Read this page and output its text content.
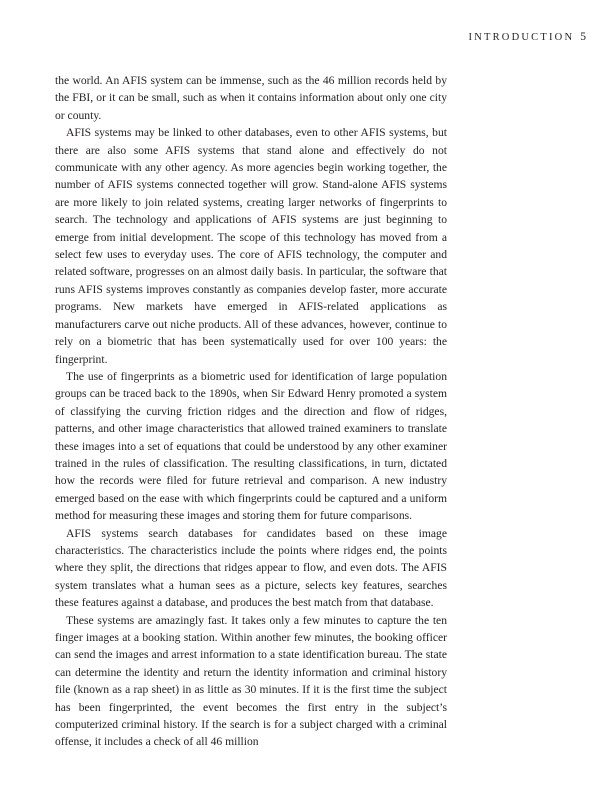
INTRODUCTION 5

the world. An AFIS system can be immense, such as the 46 million records held by the FBI, or it can be small, such as when it contains information about only one city or county.

AFIS systems may be linked to other databases, even to other AFIS systems, but there are also some AFIS systems that stand alone and effectively do not communicate with any other agency. As more agencies begin working together, the number of AFIS systems connected together will grow. Stand-alone AFIS systems are more likely to join related systems, creating larger networks of fingerprints to search. The technology and applications of AFIS systems are just beginning to emerge from initial development. The scope of this technology has moved from a select few uses to everyday uses. The core of AFIS technology, the computer and related software, progresses on an almost daily basis. In particular, the software that runs AFIS systems improves constantly as companies develop faster, more accurate programs. New markets have emerged in AFIS-related applications as manufacturers carve out niche products. All of these advances, however, continue to rely on a biometric that has been systematically used for over 100 years: the fingerprint.

The use of fingerprints as a biometric used for identification of large population groups can be traced back to the 1890s, when Sir Edward Henry promoted a system of classifying the curving friction ridges and the direction and flow of ridges, patterns, and other image characteristics that allowed trained examiners to translate these images into a set of equations that could be understood by any other examiner trained in the rules of classification. The resulting classifications, in turn, dictated how the records were filed for future retrieval and comparison. A new industry emerged based on the ease with which fingerprints could be captured and a uniform method for measuring these images and storing them for future comparisons.

AFIS systems search databases for candidates based on these image characteristics. The characteristics include the points where ridges end, the points where they split, the directions that ridges appear to flow, and even dots. The AFIS system translates what a human sees as a picture, selects key features, searches these features against a database, and produces the best match from that database.

These systems are amazingly fast. It takes only a few minutes to capture the ten finger images at a booking station. Within another few minutes, the booking officer can send the images and arrest information to a state identification bureau. The state can determine the identity and return the identity information and criminal history file (known as a rap sheet) in as little as 30 minutes. If it is the first time the subject has been fingerprinted, the event becomes the first entry in the subject’s computerized criminal history. If the search is for a subject charged with a criminal offense, it includes a check of all 46 million
